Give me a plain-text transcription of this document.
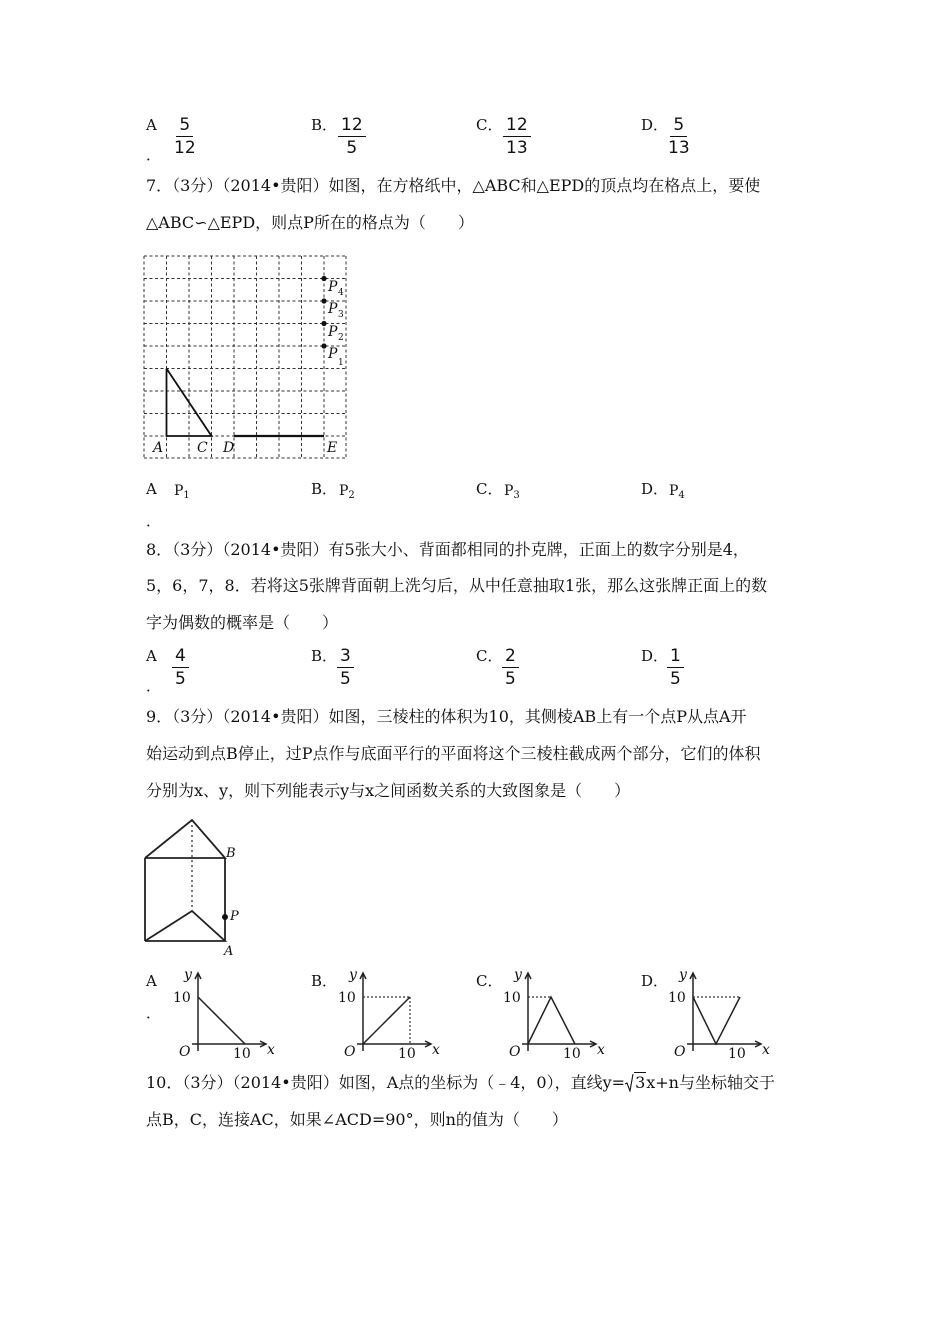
A
． $\frac{5}{12}$	B． $\frac{12}{5}$	C． $\frac{12}{13}$	D． $\frac{5}{13}$
7．（3分）（2014•贵阳）如图，在方格纸中，△ABC和△EPD的顶点均在格点上，要使
△ABC∽△EPD，则点P所在的格点为（　　）
A C D	E
P 4
P 3
P 2
P
1
A
．
$P_1$	B． $P_2$	C． $P_3$	D． $P_4$
8．（3分）（2014•贵阳）有5张大小、背面都相同的扑克牌，正面上的数字分别是4，
5，6，7，8．若将这5张牌背面朝上洗匀后，从中任意抽取1张，那么这张牌正面上的数
字为偶数的概率是（　　）
A
． $\frac{4}{5}$	B． $\frac{3}{5}$	C． $\frac{2}{5}$	D．
$\frac{1}{5}$
9．（3分）（2014•贵阳）如图，三棱柱的体积为10，其侧棱AB上有一个点P从点A开
始运动到点B停止，过P点作与底面平行的平面将这个三棱柱截成两个部分，它们的体积
分别为x、y，则下列能表示y与x之间函数关系的大致图象是（　　）
B
P
A
A
．
B．	C．	D．
y
x
O
10
10
y
x
O
10
10
y
x
O
10
10
y
x
O
10
10
10．（3分）（2014•贵阳）如图，A点的坐标为（﹣4，0），直线y= 3x+n与坐标轴交于
点B，C，连接AC，如果∠ACD=90°，则n的值为（　　）
